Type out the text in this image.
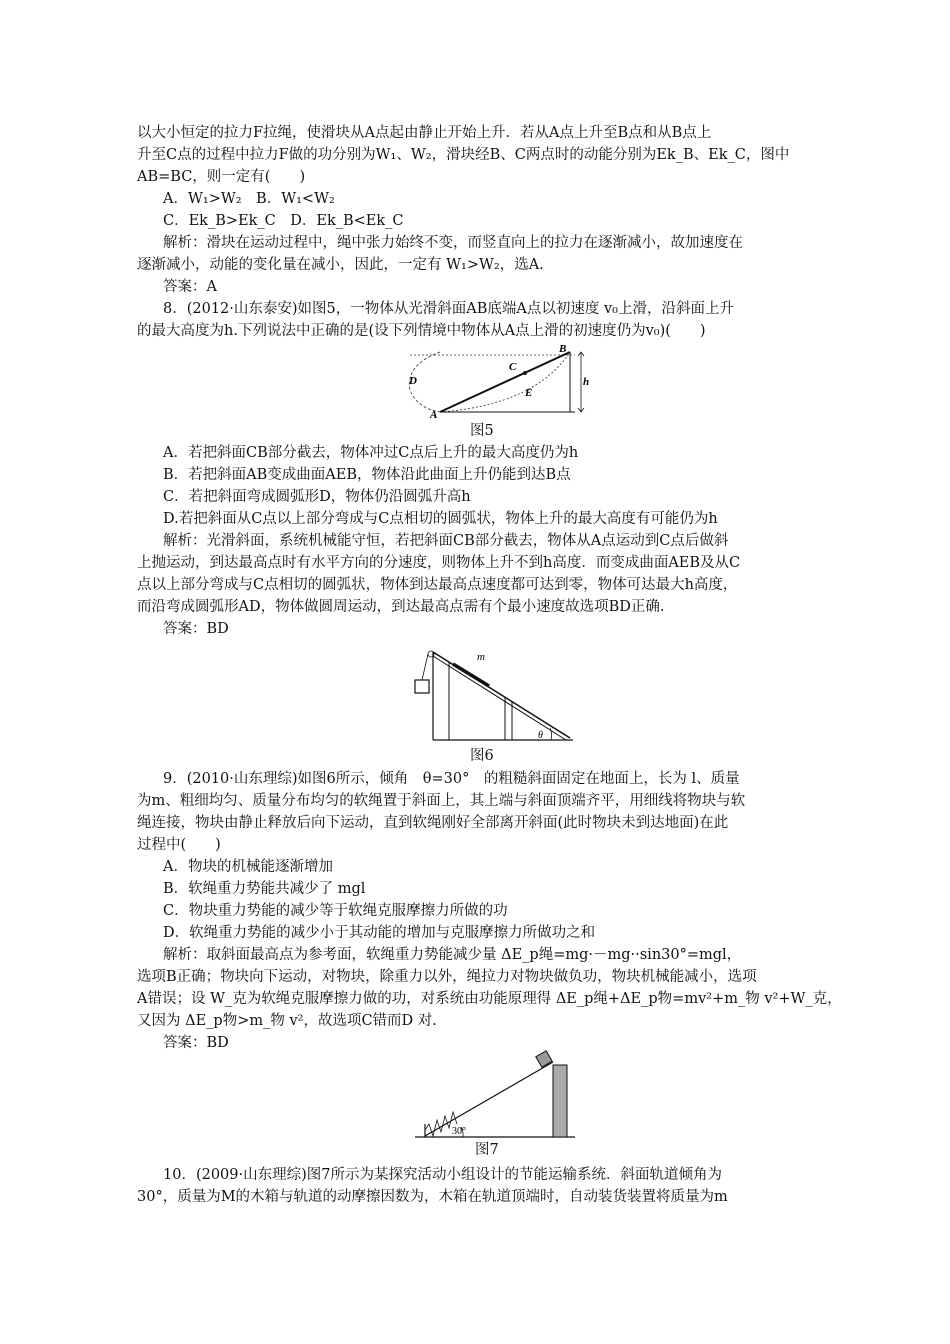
以大小恒定的拉力F拉绳，使滑块从A点起由静止开始上升．若从A点上升至B点和从B点上
升至C点的过程中拉力F做的功分别为W₁、W₂，滑块经B、C两点时的动能分别为Ek_B、Ek_C，图中
AB=BC，则一定有(　　)
A．W₁>W₂　B．W₁<W₂
C．Ek_B>Ek_C　D．Ek_B<Ek_C
解析：滑块在运动过程中，绳中张力始终不变，而竖直向上的拉力在逐渐减小，故加速度在
逐渐减小，动能的变化量在减小，因此，一定有 W₁>W₂，选A.
答案：A
8．(2012·山东泰安)如图5，一物体从光滑斜面AB底端A点以初速度 v₀上滑，沿斜面上升
的最大高度为h.下列说法中正确的是(设下列情境中物体从A点上滑的初速度仍为v₀)(　　)
B
C
D
E
A
h
图5
A．若把斜面CB部分截去，物体冲过C点后上升的最大高度仍为h
B．若把斜面AB变成曲面AEB，物体沿此曲面上升仍能到达B点
C．若把斜面弯成圆弧形D，物体仍沿圆弧升高h
D.若把斜面从C点以上部分弯成与C点相切的圆弧状，物体上升的最大高度有可能仍为h
解析：光滑斜面，系统机械能守恒，若把斜面CB部分截去，物体从A点运动到C点后做斜
上抛运动，到达最高点时有水平方向的分速度，则物体上升不到h高度．而变成曲面AEB及从C
点以上部分弯成与C点相切的圆弧状，物体到达最高点速度都可达到零，物体可达最大h高度，
而沿弯成圆弧形AD，物体做圆周运动，到达最高点需有个最小速度故选项BD正确.
答案：BD
m
θ
图6
9．(2010·山东理综)如图6所示，倾角　θ=30°　的粗糙斜面固定在地面上，长为 l、质量
为m、粗细均匀、质量分布均匀的软绳置于斜面上，其上端与斜面顶端齐平，用细线将物块与软
绳连接，物块由静止释放后向下运动，直到软绳刚好全部离开斜面(此时物块未到达地面)在此
过程中(　　)
A．物块的机械能逐渐增加
B．软绳重力势能共减少了 mgl
C．物块重力势能的减少等于软绳克服摩擦力所做的功
D．软绳重力势能的减少小于其动能的增加与克服摩擦力所做功之和
解析：取斜面最高点为参考面，软绳重力势能减少量 ΔE_p绳=mg·－mg··sin30°=mgl，
选项B正确；物块向下运动，对物块，除重力以外，绳拉力对物块做负功，物块机械能减小，选项
A错误；设 W_克为软绳克服摩擦力做的功，对系统由功能原理得 ΔE_p绳+ΔE_p物=mv²+m_物 v²+W_克，
又因为 ΔE_p物>m_物 v²，故选项C错而D 对.
答案：BD
30°
图7
10．(2009·山东理综)图7所示为某探究活动小组设计的节能运输系统．斜面轨道倾角为
30°，质量为M的木箱与轨道的动摩擦因数为，木箱在轨道顶端时，自动装货装置将质量为m
